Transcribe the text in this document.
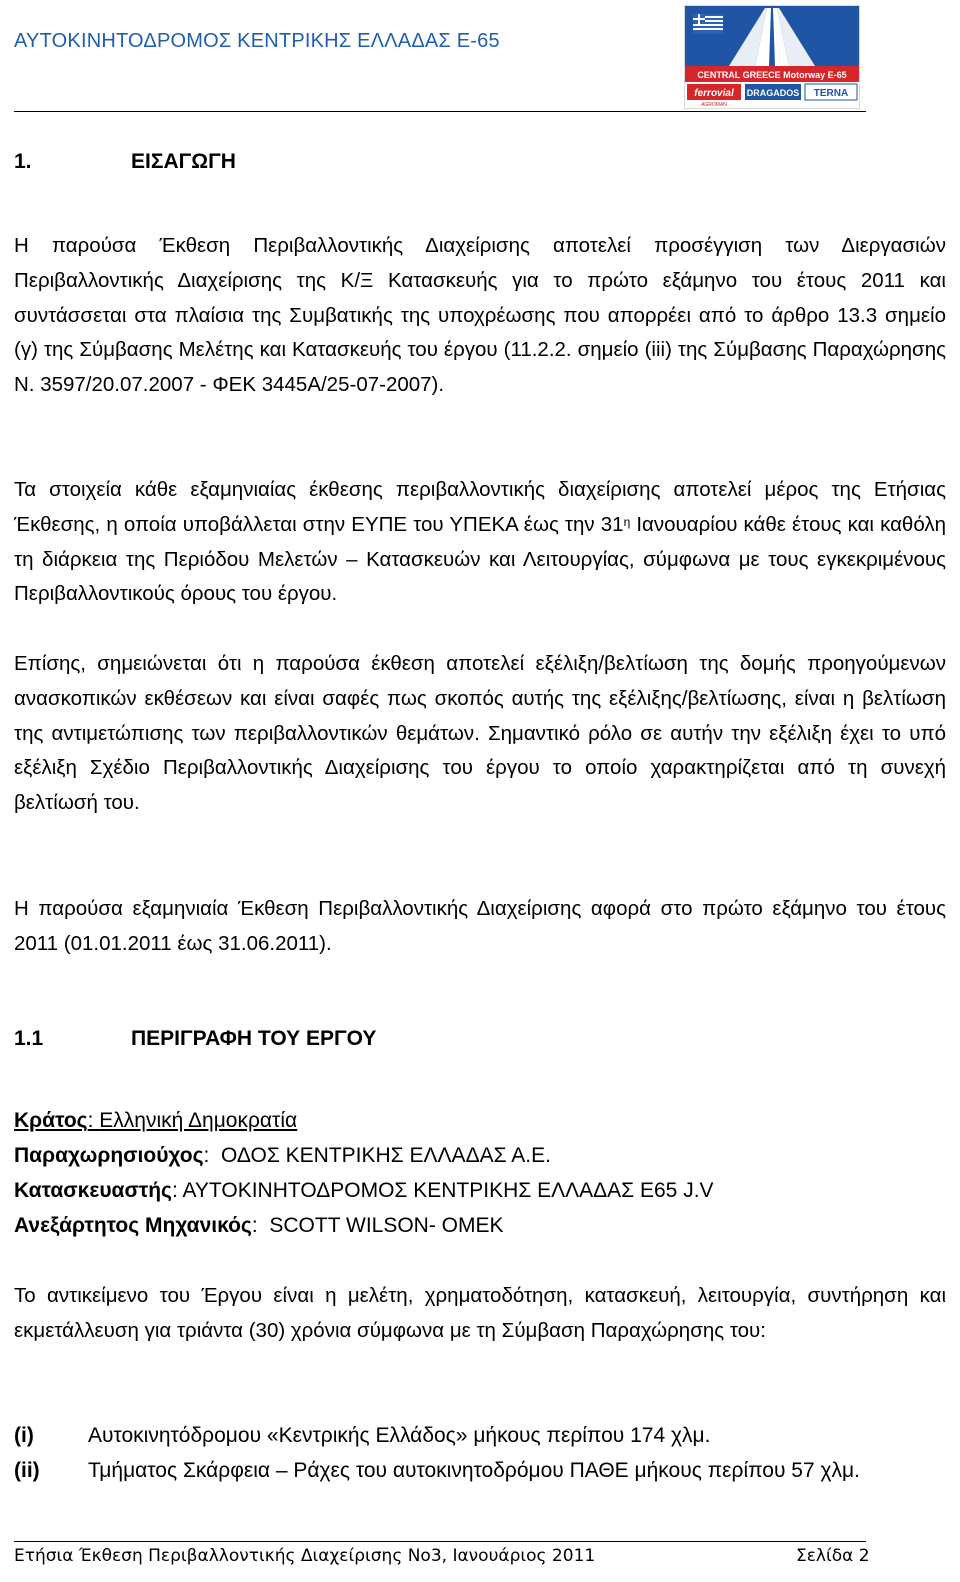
ΑΥΤΟΚΙΝΗΤΟΔΡΟΜΟΣ ΚΕΝΤΡΙΚΗΣ ΕΛΛΑΔΑΣ Ε-65
CENTRAL GREECE Motorway E-65
ferrovial
AGROMAN
DRAGADOS TERNA
1.	ΕΙΣΑΓΩΓΗ
Η παρούσα Έκθεση Περιβαλλοντικής Διαχείρισης αποτελεί προσέγγιση των Διεργασιών Περιβαλλοντικής Διαχείρισης της Κ/Ξ Κατασκευής για το πρώτο εξάμηνο του έτους 2011 και συντάσσεται στα πλαίσια της Συμβατικής της υποχρέωσης που απορρέει από το άρθρο 13.3 σημείο (γ) της Σύμβασης Μελέτης και Κατασκευής του έργου (11.2.2. σημείο (iii) της Σύμβασης Παραχώρησης Ν. 3597/20.07.2007 - ΦΕΚ 3445Α/25-07-2007).
Τα στοιχεία κάθε εξαμηνιαίας έκθεσης περιβαλλοντικής διαχείρισης αποτελεί μέρος της Ετήσιας Έκθεσης, η οποία υποβάλλεται στην ΕΥΠΕ του ΥΠΕΚΑ έως την $31^\eta$ Ιανουαρίου κάθε έτους και καθόλη τη διάρκεια της Περιόδου Μελετών – Κατασκευών και Λειτουργίας, σύμφωνα με τους εγκεκριμένους Περιβαλλοντικούς όρους του έργου.
Επίσης, σημειώνεται ότι η παρούσα έκθεση αποτελεί εξέλιξη/βελτίωση της δομής προηγούμενων ανασκοπικών εκθέσεων και είναι σαφές πως σκοπός αυτής της εξέλιξης/βελτίωσης, είναι η βελτίωση της αντιμετώπισης των περιβαλλοντικών θεμάτων. Σημαντικό ρόλο σε αυτήν την εξέλιξη έχει το υπό εξέλιξη Σχέδιο Περιβαλλοντικής Διαχείρισης του έργου το οποίο χαρακτηρίζεται από τη συνεχή βελτίωσή του.
Η παρούσα εξαμηνιαία Έκθεση Περιβαλλοντικής Διαχείρισης αφορά στο πρώτο εξάμηνο του έτους 2011 (01.01.2011 έως 31.06.2011).
1.1	ΠΕΡΙΓΡΑΦΗ ΤΟΥ ΕΡΓΟΥ
Κράτος: Ελληνική Δημοκρατία
Παραχωρησιούχος:  ΟΔΟΣ ΚΕΝΤΡΙΚΗΣ ΕΛΛΑΔΑΣ Α.Ε.
Κατασκευαστής: ΑΥΤΟΚΙΝΗΤΟΔΡΟΜΟΣ ΚΕΝΤΡΙΚΗΣ ΕΛΛΑΔΑΣ Ε65 J.V
Ανεξάρτητος Μηχανικός:  SCOTT WILSON- OMEK
Το αντικείμενο του Έργου είναι η μελέτη, χρηματοδότηση, κατασκευή, λειτουργία, συντήρηση και εκμετάλλευση για τριάντα (30) χρόνια σύμφωνα με τη Σύμβαση Παραχώρησης του:
(i)	Αυτοκινητόδρομου «Κεντρικής Ελλάδος» μήκους περίπου 174 χλμ.
(ii) Τμήματος Σκάρφεια – Ράχες του αυτοκινητοδρόμου ΠΑΘΕ μήκους περίπου 57 χλμ.
Ετήσια Έκθεση Περιβαλλοντικής Διαχείρισης Νο3, Ιανουάριος 2011	Σελίδα 2
